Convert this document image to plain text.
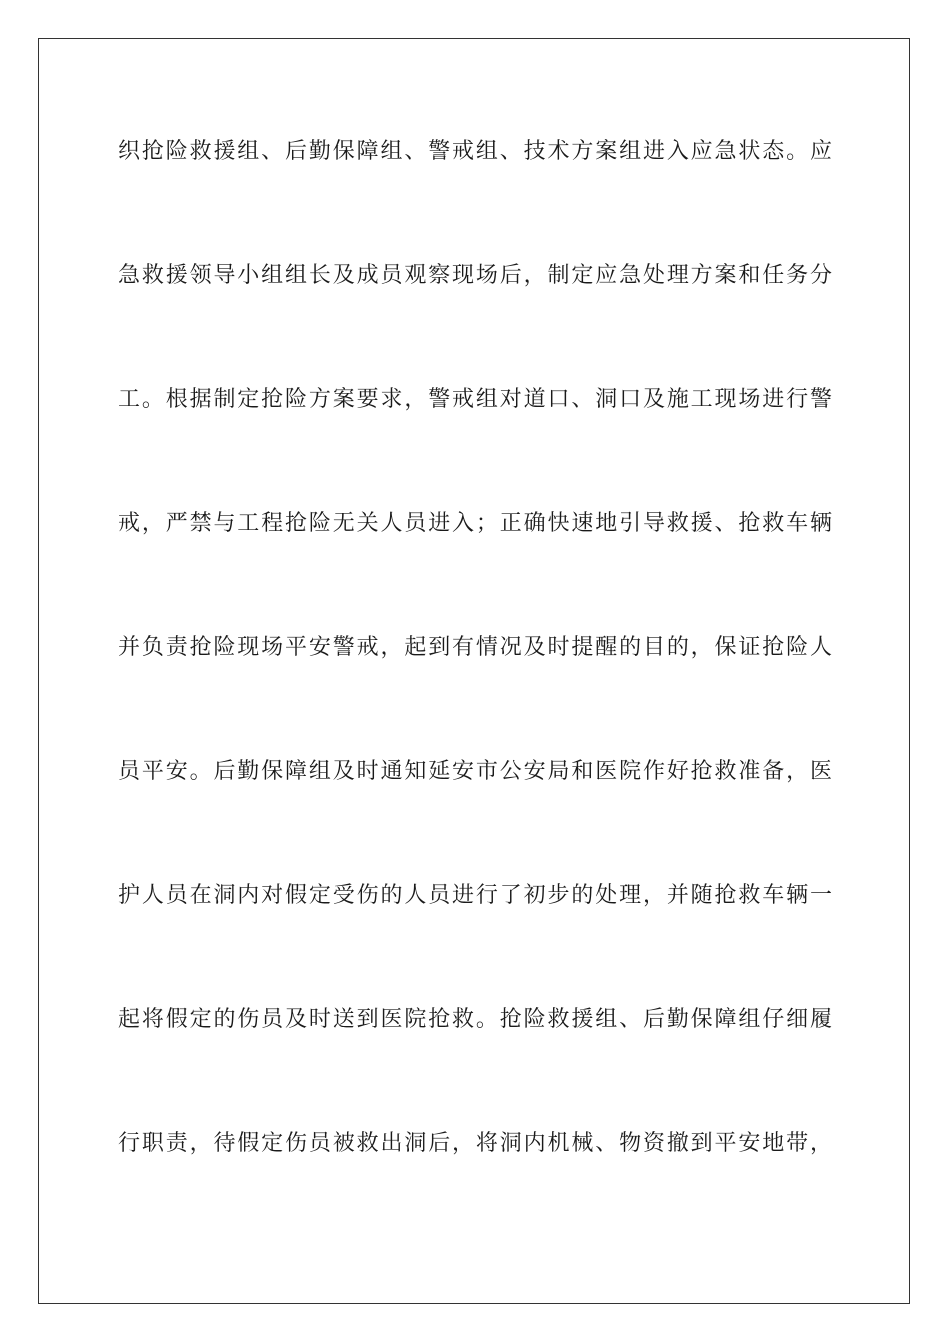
织抢险救援组、后勤保障组、警戒组、技术方案组进入应急状态。应
急救援领导小组组长及成员观察现场后，制定应急处理方案和任务分
工。根据制定抢险方案要求，警戒组对道口、洞口及施工现场进行警
戒，严禁与工程抢险无关人员进入；正确快速地引导救援、抢救车辆
并负责抢险现场平安警戒，起到有情况及时提醒的目的，保证抢险人
员平安。后勤保障组及时通知延安市公安局和医院作好抢救准备，医
护人员在洞内对假定受伤的人员进行了初步的处理，并随抢救车辆一
起将假定的伤员及时送到医院抢救。抢险救援组、后勤保障组仔细履
行职责，待假定伤员被救出洞后，将洞内机械、物资撤到平安地带，
